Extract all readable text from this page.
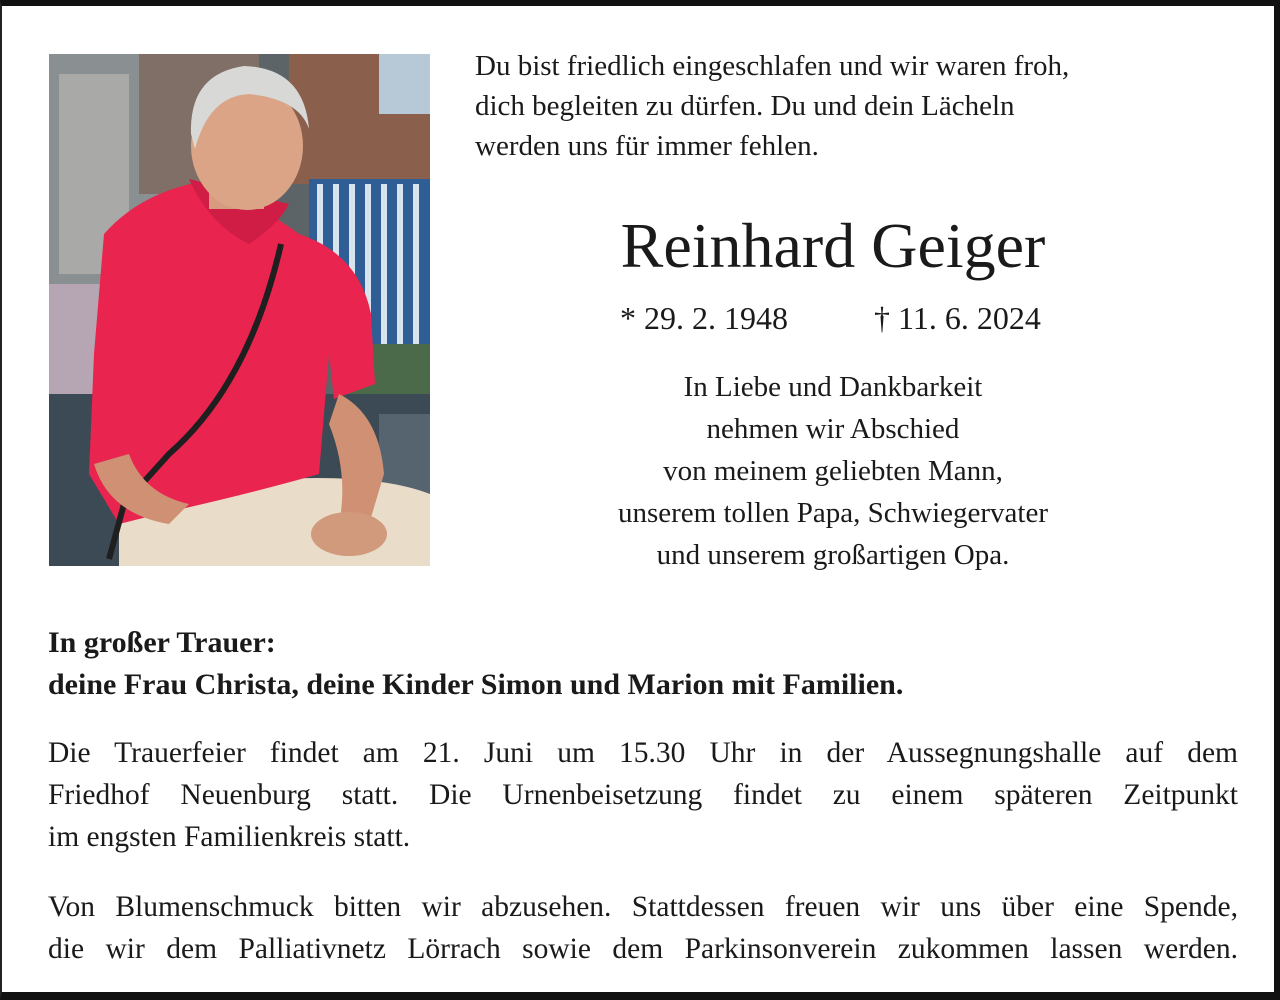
Du bist friedlich eingeschlafen und wir waren froh,
dich begleiten zu dürfen. Du und dein Lächeln
werden uns für immer fehlen.
Reinhard Geiger
* 29. 2. 1948	† 11. 6. 2024
In Liebe und Dankbarkeit
nehmen wir Abschied
von meinem geliebten Mann,
unserem tollen Papa, Schwiegervater
und unserem großartigen Opa.
In großer Trauer:
deine Frau Christa, deine Kinder Simon und Marion mit Familien.
Die Trauerfeier findet am 21. Juni um 15.30 Uhr in der Aussegnungshalle auf dem
Friedhof Neuenburg statt. Die Urnenbeisetzung findet zu einem späteren Zeitpunkt
im engsten Familienkreis statt.
Von Blumenschmuck bitten wir abzusehen. Stattdessen freuen wir uns über eine Spende,
die wir dem Palliativnetz Lörrach sowie dem Parkinsonverein zukommen lassen werden.
